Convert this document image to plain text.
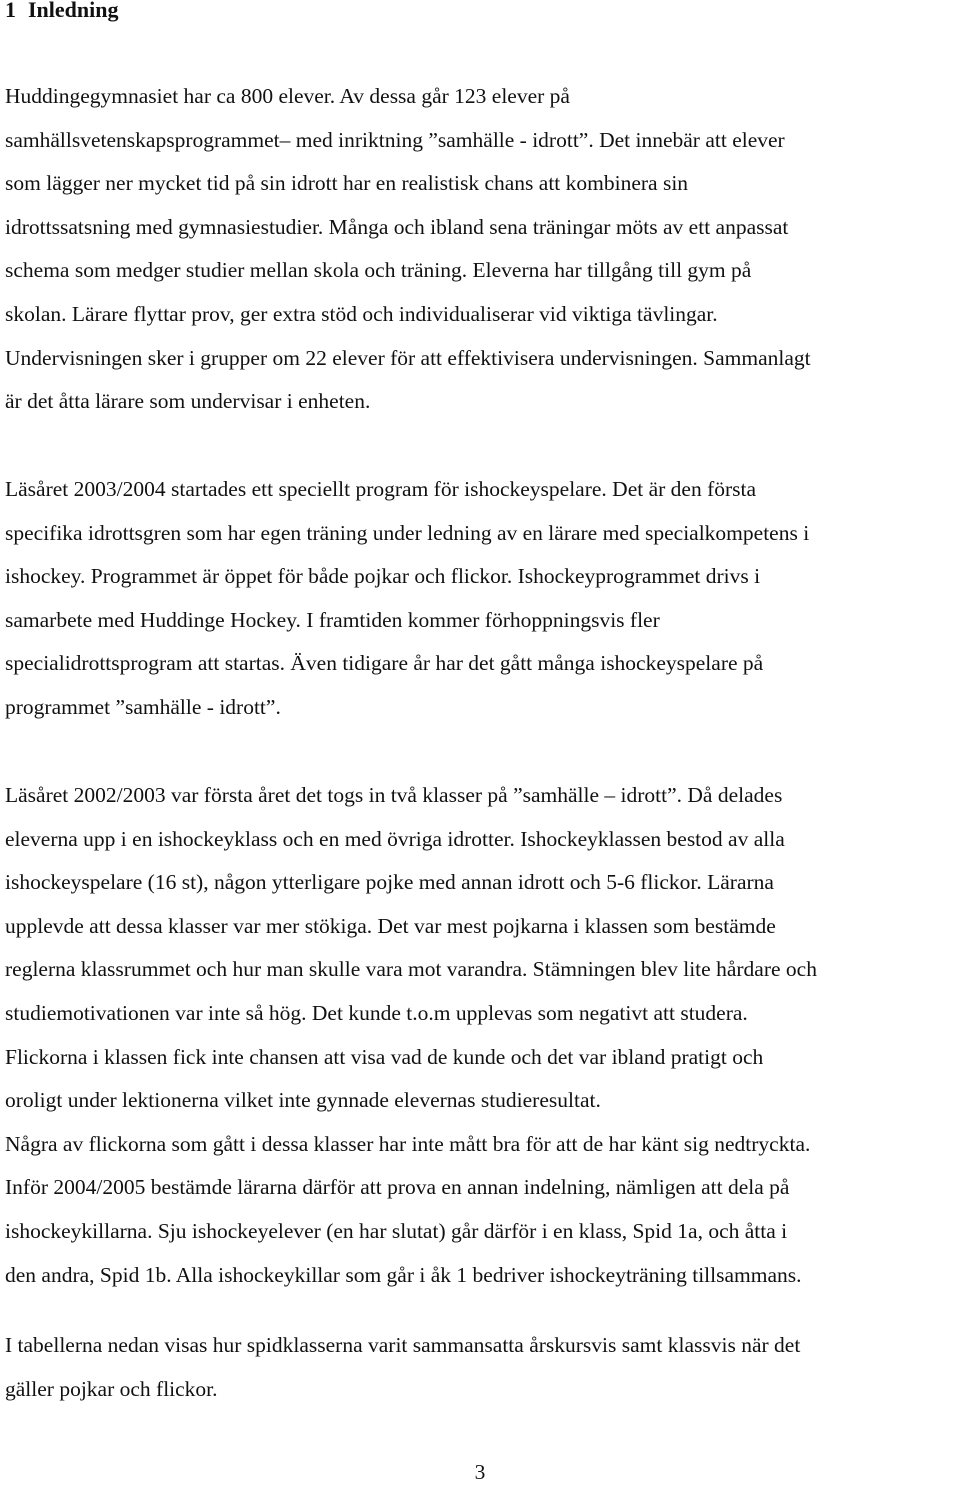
1 Inledning

Huddingegymnasiet har ca 800 elever. Av dessa går 123 elever på
samhällsvetenskapsprogrammet– med inriktning ”samhälle - idrott”. Det innebär att elever
som lägger ner mycket tid på sin idrott har en realistisk chans att kombinera sin
idrottssatsning med gymnasiestudier. Många och ibland sena träningar möts av ett anpassat
schema som medger studier mellan skola och träning. Eleverna har tillgång till gym på
skolan. Lärare flyttar prov, ger extra stöd och individualiserar vid viktiga tävlingar.
Undervisningen sker i grupper om 22 elever för att effektivisera undervisningen. Sammanlagt
är det åtta lärare som undervisar i enheten.

Läsåret 2003/2004 startades ett speciellt program för ishockeyspelare. Det är den första
specifika idrottsgren som har egen träning under ledning av en lärare med specialkompetens i
ishockey. Programmet är öppet för både pojkar och flickor. Ishockeyprogrammet drivs i
samarbete med Huddinge Hockey. I framtiden kommer förhoppningsvis fler
specialidrottsprogram att startas. Även tidigare år har det gått många ishockeyspelare på
programmet ”samhälle - idrott”.

Läsåret 2002/2003 var första året det togs in två klasser på ”samhälle – idrott”. Då delades
eleverna upp i en ishockeyklass och en med övriga idrotter. Ishockeyklassen bestod av alla
ishockeyspelare (16 st), någon ytterligare pojke med annan idrott och 5-6 flickor. Lärarna
upplevde att dessa klasser var mer stökiga. Det var mest pojkarna i klassen som bestämde
reglerna klassrummet och hur man skulle vara mot varandra. Stämningen blev lite hårdare och
studiemotivationen var inte så hög. Det kunde t.o.m upplevas som negativt att studera.
Flickorna i klassen fick inte chansen att visa vad de kunde och det var ibland pratigt och
oroligt under lektionerna vilket inte gynnade elevernas studieresultat.
Några av flickorna som gått i dessa klasser har inte mått bra för att de har känt sig nedtryckta.
Inför 2004/2005 bestämde lärarna därför att prova en annan indelning, nämligen att dela på
ishockeykillarna. Sju ishockeyelever (en har slutat) går därför i en klass, Spid 1a, och åtta i
den andra, Spid 1b. Alla ishockeykillar som går i åk 1 bedriver ishockeyträning tillsammans.

I tabellerna nedan visas hur spidklasserna varit sammansatta årskursvis samt klassvis när det
gäller pojkar och flickor.

3
